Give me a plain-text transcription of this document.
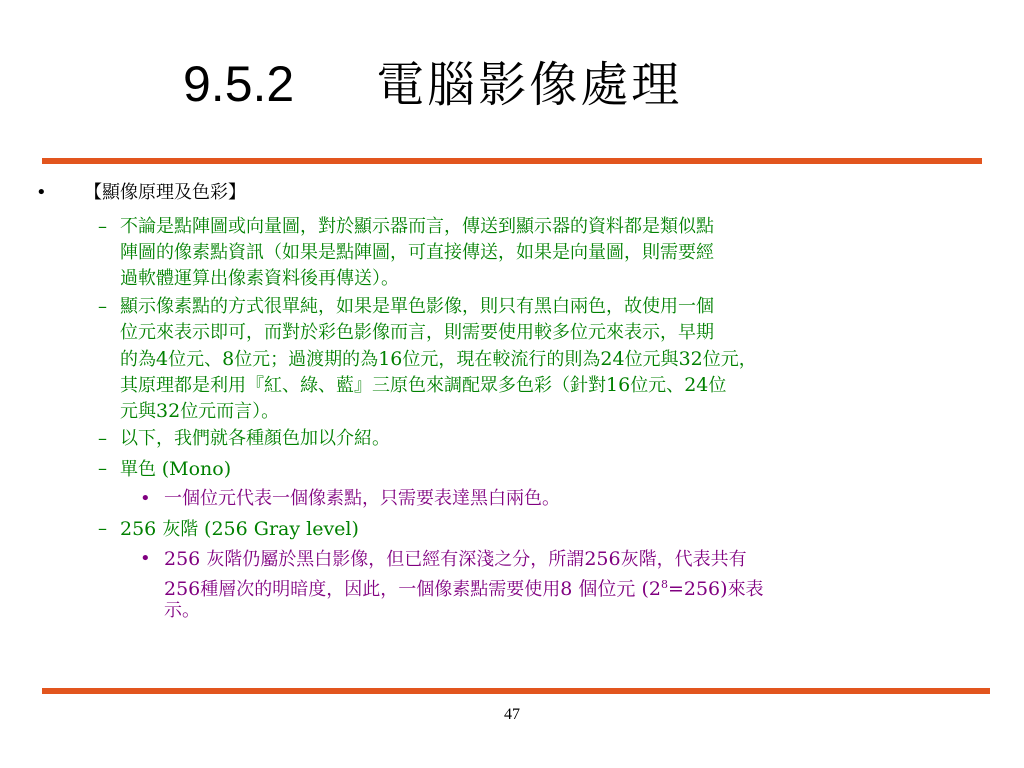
9.5.2 電腦影像處理
• 【顯像原理及色彩】
– 不論是點陣圖或向量圖，對於顯示器而言，傳送到顯示器的資料都是類似點
陣圖的像素點資訊（如果是點陣圖，可直接傳送，如果是向量圖，則需要經
過軟體運算出像素資料後再傳送）。
– 顯示像素點的方式很單純，如果是單色影像，則只有黑白兩色，故使用一個
位元來表示即可，而對於彩色影像而言，則需要使用較多位元來表示，早期
的為4位元、8位元；過渡期的為16位元，現在較流行的則為24位元與32位元，
其原理都是利用『紅、綠、藍』三原色來調配眾多色彩（針對16位元、24位
元與32位元而言）。
– 以下，我們就各種顏色加以介紹。
– 單色 (Mono)
• 一個位元代表一個像素點，只需要表達黑白兩色。
– 256 灰階 (256 Gray level)
• 256 灰階仍屬於黑白影像，但已經有深淺之分，所謂256灰階，代表共有
256種層次的明暗度，因此，一個像素點需要使用8 個位元 $(2^8=256)$來表
示。
47
